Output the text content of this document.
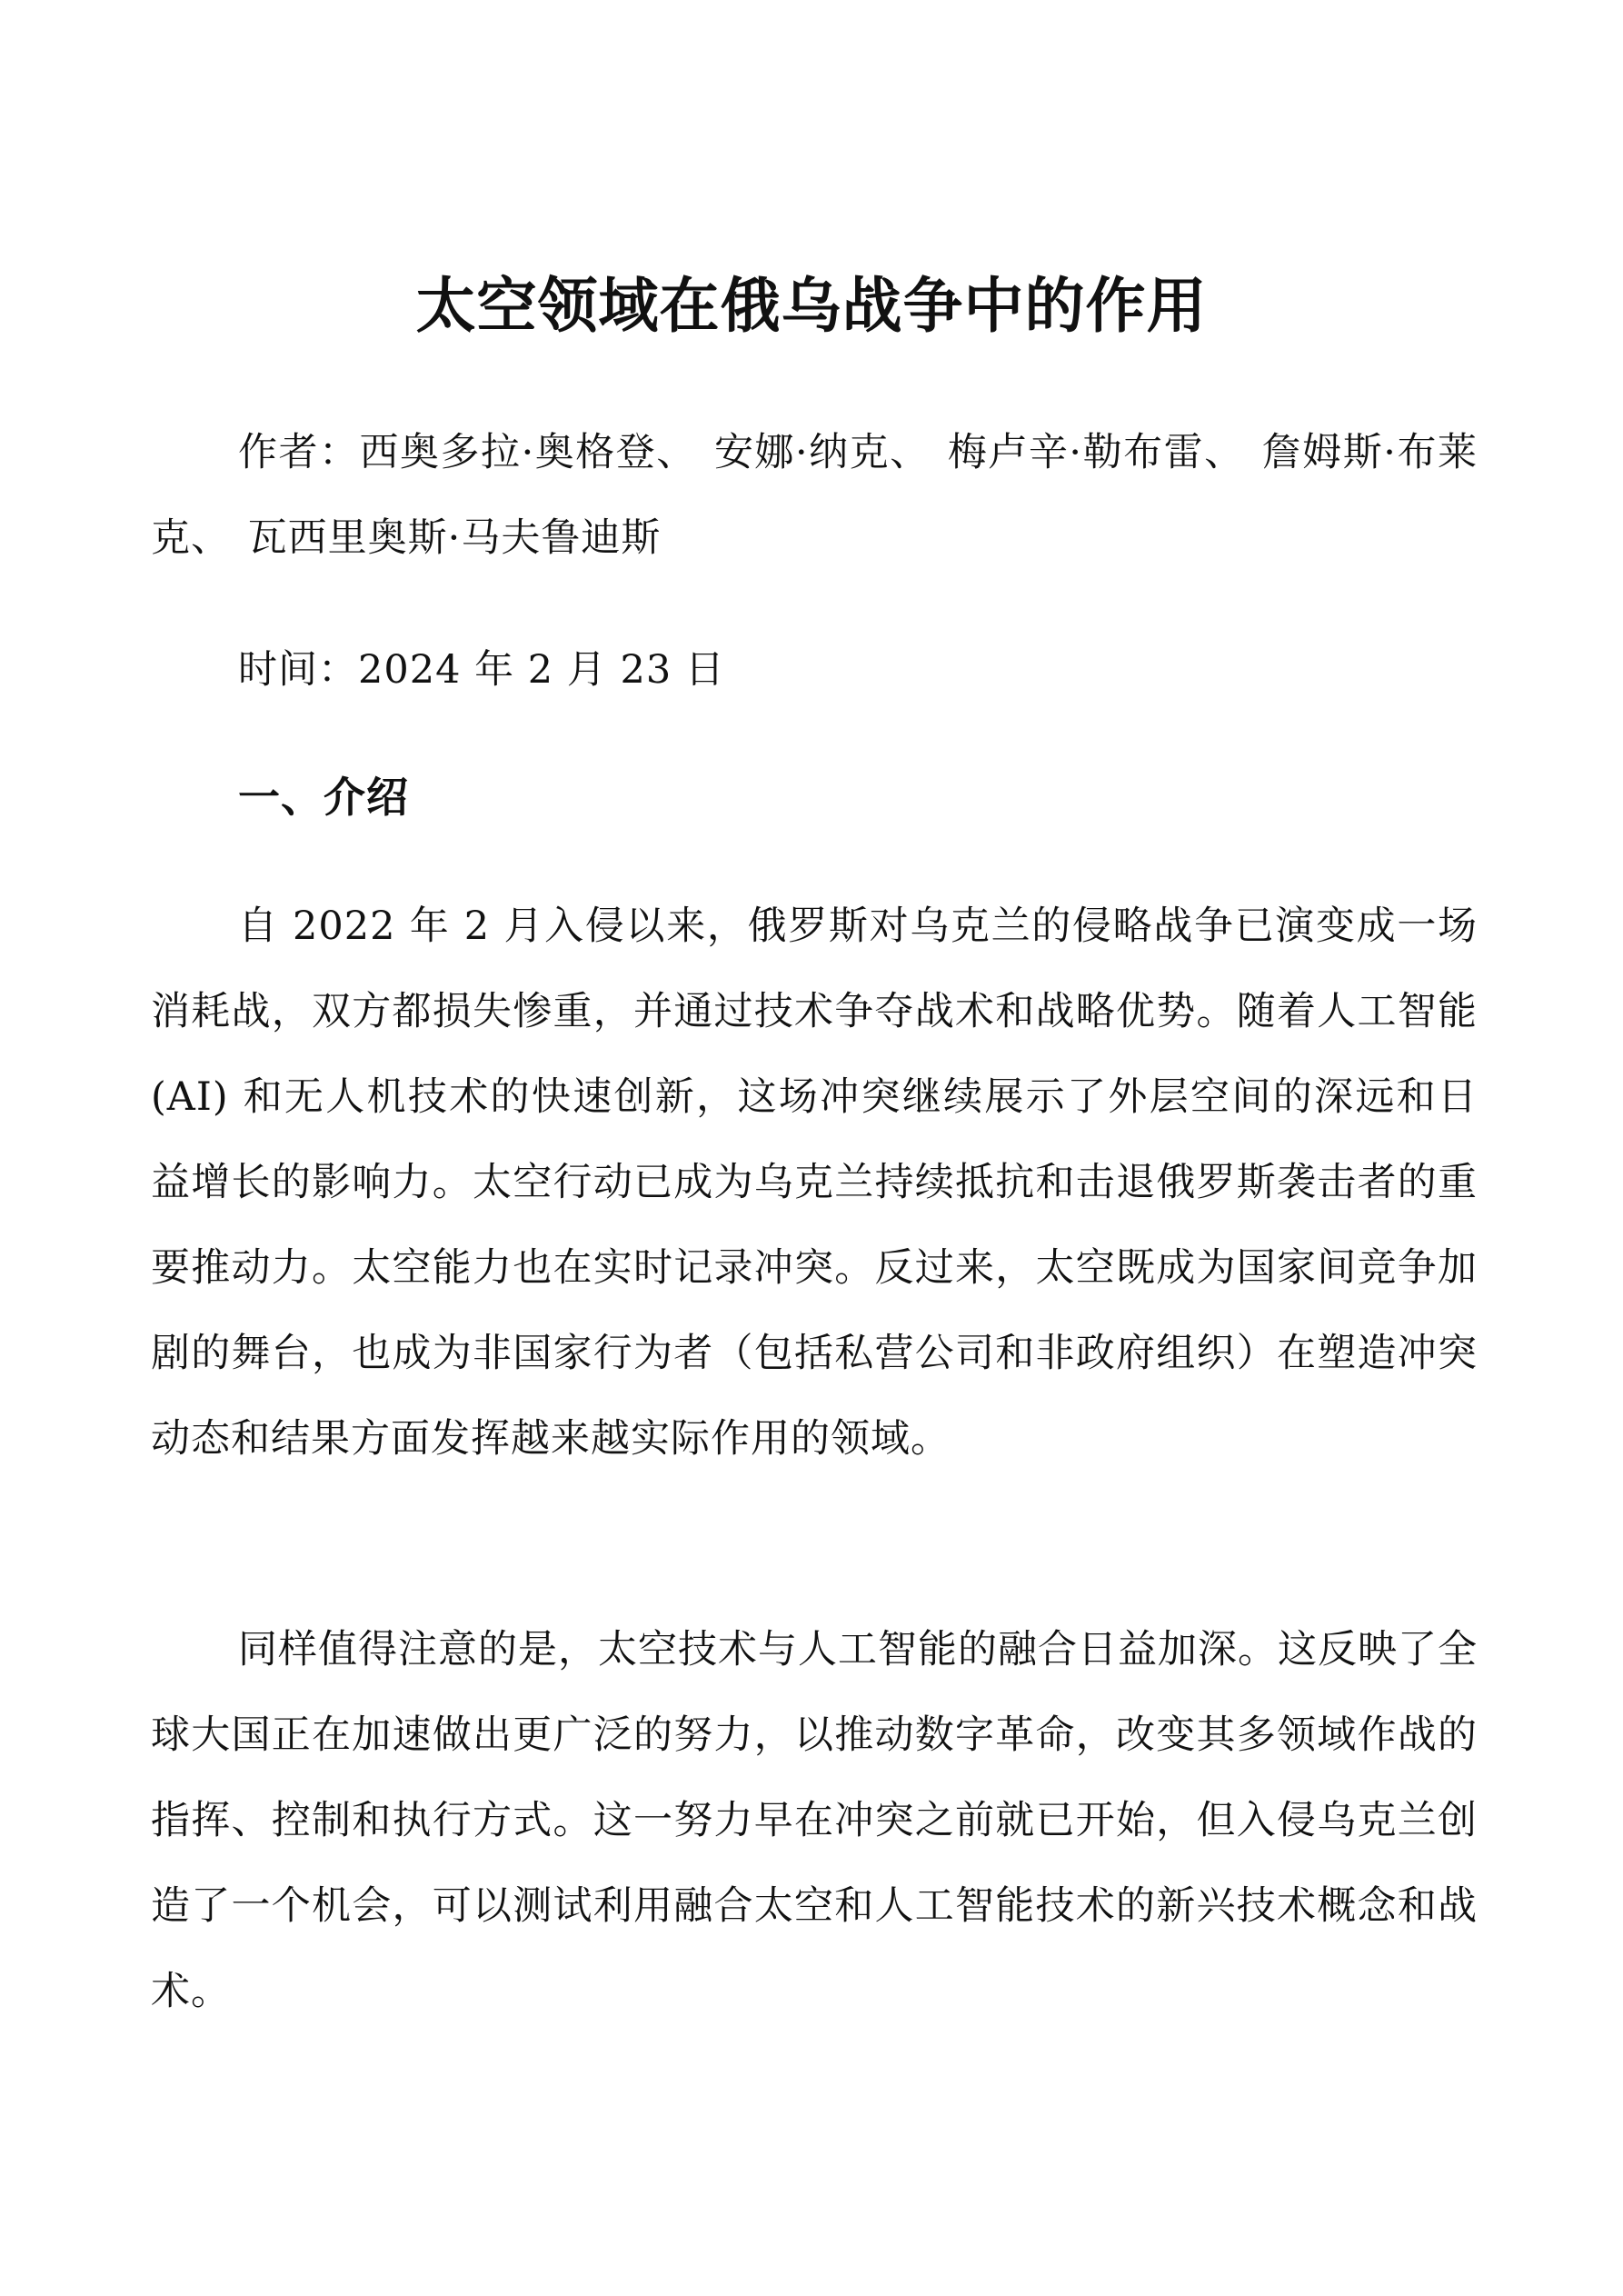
太空领域在俄乌战争中的作用

作者：西奥多拉·奥格登、 安娜·纳克、 梅卢辛·勒布雷、 詹姆斯·布莱克、 瓦西里奥斯·马夫鲁迪斯

时间：2024 年 2 月 23 日

一、介绍

自 2022 年 2 月入侵以来，俄罗斯对乌克兰的侵略战争已演变成一场消耗战，双方都损失惨重，并通过技术争夺战术和战略优势。随着人工智能 (AI) 和无人机技术的快速创新，这场冲突继续展示了外层空间的深远和日益增长的影响力。太空行动已成为乌克兰持续抵抗和击退俄罗斯袭击者的重要推动力。太空能力也在实时记录冲突。反过来，太空既成为国家间竞争加剧的舞台，也成为非国家行为者（包括私营公司和非政府组织）在塑造冲突动态和结果方面发挥越来越实际作用的领域。

同样值得注意的是，太空技术与人工智能的融合日益加深。这反映了全球大国正在加速做出更广泛的努力，以推动数字革命，改变其多领域作战的指挥、控制和执行方式。这一努力早在冲突之前就已开始，但入侵乌克兰创造了一个机会，可以测试利用融合太空和人工智能技术的新兴技术概念和战术。
